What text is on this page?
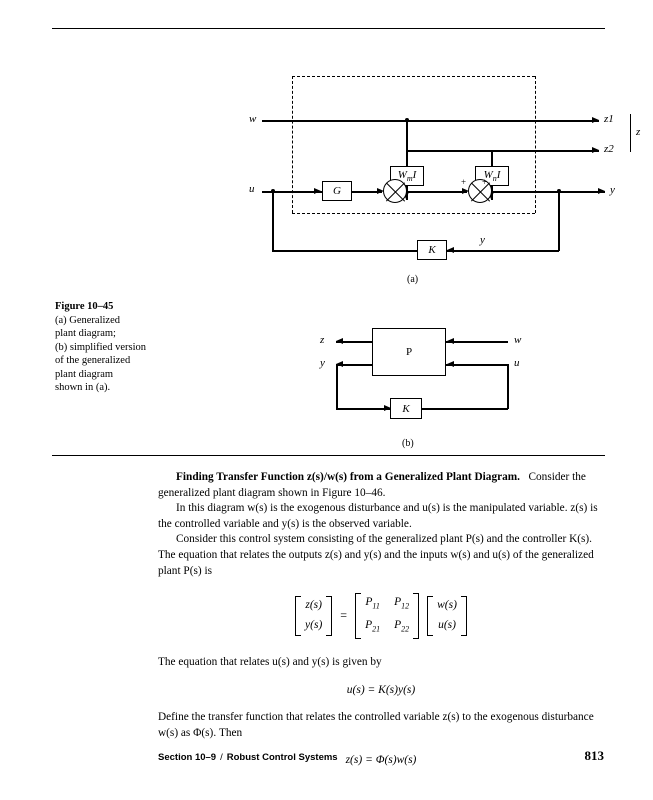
Figure 10–45
(a) Generalized
plant diagram;
(b) simplified version
of the generalized
plant diagram
shown in (a).
w	z1
z2
z
$W_mI$	$W_nI$
u	G
+ +
y
y
K
(a)
P
w
z
y	u
K
(b)

Finding Transfer Function z(s)/w(s) from a Generalized Plant Diagram. Consider the generalized plant diagram shown in Figure 10–46.

In this diagram w(s) is the exogenous disturbance and u(s) is the manipulated variable. z(s) is the controlled variable and y(s) is the observed variable.

Consider this control system consisting of the generalized plant P(s) and the controller K(s). The equation that relates the outputs z(s) and y(s) and the inputs w(s) and u(s) of the generalized plant P(s) is

z(s)
y(s)
=
$P_{11}$ $P_{12}$
$P_{21}$ $P_{22}$
w(s)
u(s)

The equation that relates u(s) and y(s) is given by

u(s) = K(s)y(s)

Define the transfer function that relates the controlled variable z(s) to the exogenous disturbance w(s) as Φ(s). Then

z(s) = Φ(s)w(s)
Section 10–9 / Robust Control Systems	813
